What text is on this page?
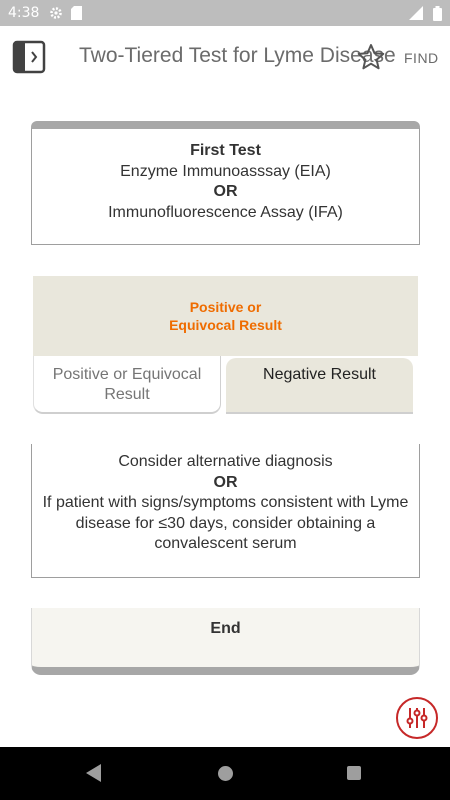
4:38
Two-Tiered Test for Lyme Disease FIND
First Test
Enzyme Immunoasssay (EIA)
OR
Immunofluorescence Assay (IFA)
Positive or
Equivocal Result
Positive or Equivocal Result
Negative Result
Consider alternative diagnosis
OR
If patient with signs/symptoms consistent with Lyme disease for ≤30 days, consider obtaining a convalescent serum
End
